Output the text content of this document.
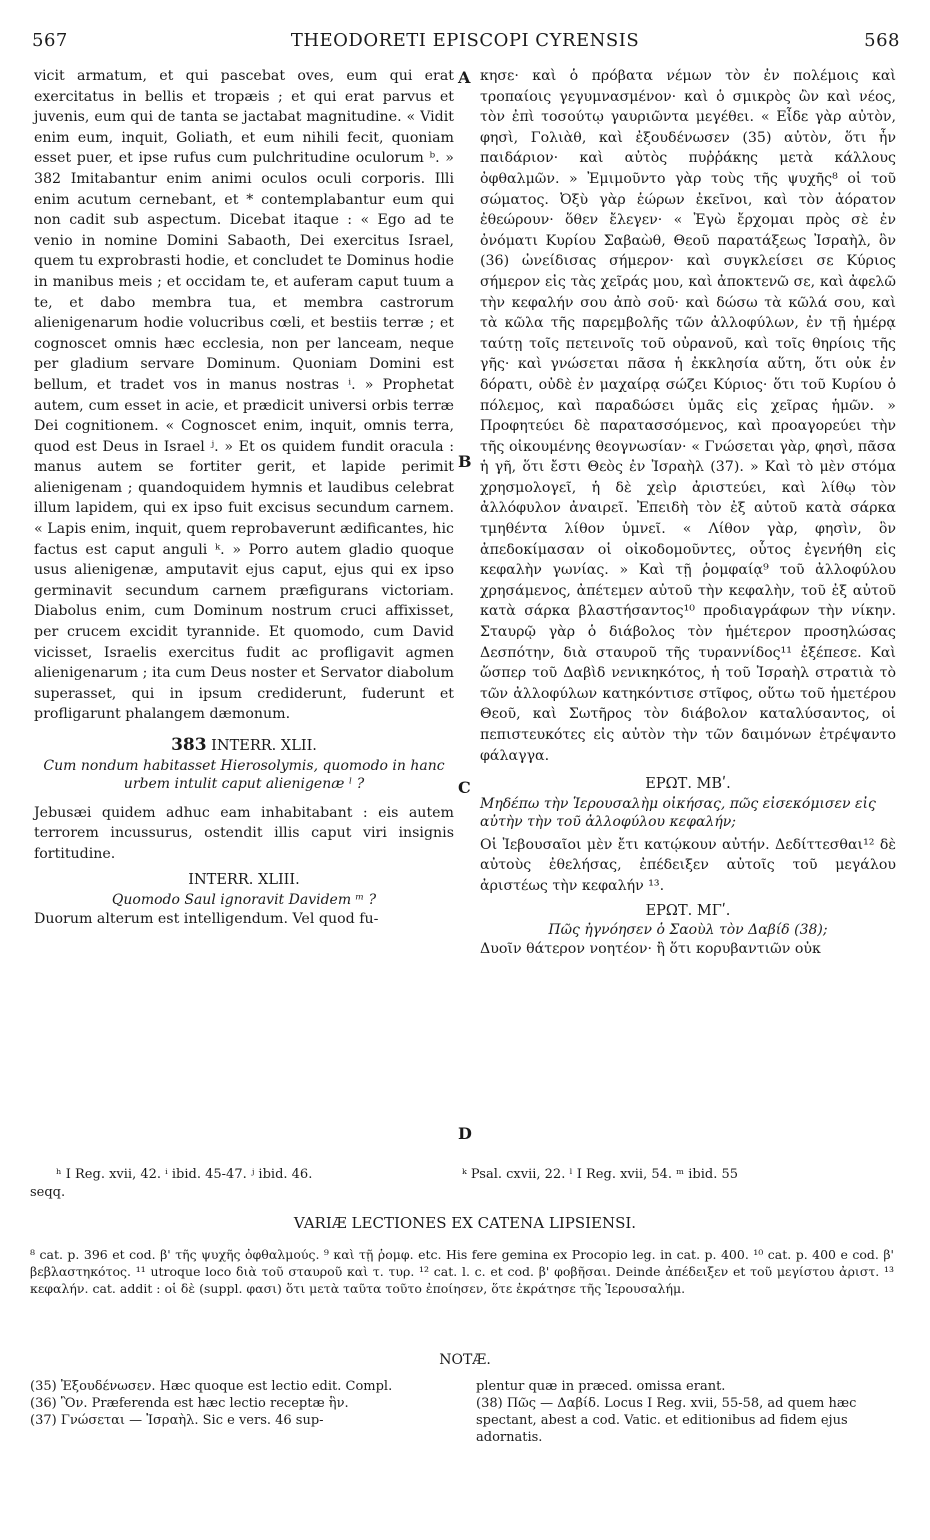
567	THEODORETI EPISCOPI CYRENSIS	568
A
B
C
D

vicit armatum, et qui pascebat oves, eum qui erat exercitatus in bellis et tropæis ; et qui erat parvus et juvenis, eum qui de tanta se jactabat magnitudine. « Vidit enim eum, inquit, Goliath, et eum nihili fecit, quoniam esset puer, et ipse rufus cum pulchritudine oculorum ᵇ. » 382 Imitabantur enim animi oculos oculi corporis. Illi enim acutum cernebant, et * contemplabantur eum qui non cadit sub aspectum. Dicebat itaque : « Ego ad te venio in nomine Domini Sabaoth, Dei exercitus Israel, quem tu exprobrasti hodie, et concludet te Dominus hodie in manibus meis ; et occidam te, et auferam caput tuum a te, et dabo membra tua, et membra castrorum alienigenarum hodie volucribus cœli, et bestiis terræ ; et cognoscet omnis hæc ecclesia, non per lanceam, neque per gladium servare Dominum. Quoniam Domini est bellum, et tradet vos in manus nostras ⁱ. » Prophetat autem, cum esset in acie, et prædicit universi orbis terræ Dei cognitionem. « Cognoscet enim, inquit, omnis terra, quod est Deus in Israel ʲ. » Et os quidem fundit oracula : manus autem se fortiter gerit, et lapide perimit alienigenam ; quandoquidem hymnis et laudibus celebrat illum lapidem, qui ex ipso fuit excisus secundum carnem. « Lapis enim, inquit, quem reprobaverunt ædificantes, hic factus est caput anguli ᵏ. » Porro autem gladio quoque usus alienigenæ, amputavit ejus caput, ejus qui ex ipso germinavit secundum carnem præfigurans victoriam. Diabolus enim, cum Dominum nostrum cruci affixisset, per crucem excidit tyrannide. Et quomodo, cum David vicisset, Israelis exercitus fudit ac profligavit agmen alienigenarum ; ita cum Deus noster et Servator diabolum superasset, qui in ipsum crediderunt, fuderunt et profligarunt phalangem dæmonum.

383 INTERR. XLII.
Cum nondum habitasset Hierosolymis, quomodo in hanc urbem intulit caput alienigenæ ˡ ?

Jebusæi quidem adhuc eam inhabitabant : eis autem terrorem incussurus, ostendit illis caput viri insignis fortitudine.

INTERR. XLIII.
Quomodo Saul ignoravit Davidem ᵐ ?

Duorum alterum est intelligendum. Vel quod fu-

κησε· καὶ ὁ πρόβατα νέμων τὸν ἐν πολέμοις καὶ τροπαίοις γεγυμνασμένον· καὶ ὁ σμικρὸς ὢν καὶ νέος, τὸν ἐπὶ τοσούτῳ γαυριῶντα μεγέθει. « Εἶδε γὰρ αὐτὸν, φησὶ, Γολιὰθ, καὶ ἐξουδένωσεν (35) αὐτὸν, ὅτι ἦν παιδάριον· καὶ αὐτὸς πυῤῥάκης μετὰ κάλλους ὀφθαλμῶν. » Ἐμιμοῦντο γὰρ τοὺς τῆς ψυχῆς⁸ οἱ τοῦ σώματος. Ὀξὺ γὰρ ἑώρων ἐκεῖνοι, καὶ τὸν ἀόρατον ἐθεώρουν· ὅθεν ἔλεγεν· « Ἐγὼ ἔρχομαι πρὸς σὲ ἐν ὀνόματι Κυρίου Σαβαὼθ, Θεοῦ παρατάξεως Ἰσραὴλ, ὃν (36) ὠνείδισας σήμερον· καὶ συγκλείσει σε Κύριος σήμερον εἰς τὰς χεῖράς μου, καὶ ἀποκτενῶ σε, καὶ ἀφελῶ τὴν κεφαλήν σου ἀπὸ σοῦ· καὶ δώσω τὰ κῶλά σου, καὶ τὰ κῶλα τῆς παρεμβολῆς τῶν ἀλλοφύλων, ἐν τῇ ἡμέρᾳ ταύτῃ τοῖς πετεινοῖς τοῦ οὐρανοῦ, καὶ τοῖς θηρίοις τῆς γῆς· καὶ γνώσεται πᾶσα ἡ ἐκκλησία αὕτη, ὅτι οὐκ ἐν δόρατι, οὐδὲ ἐν μαχαίρᾳ σώζει Κύριος· ὅτι τοῦ Κυρίου ὁ πόλεμος, καὶ παραδώσει ὑμᾶς εἰς χεῖρας ἡμῶν. » Προφητεύει δὲ παρατασσόμενος, καὶ προαγορεύει τὴν τῆς οἰκουμένης θεογνωσίαν· « Γνώσεται γὰρ, φησὶ, πᾶσα ἡ γῆ, ὅτι ἔστι Θεὸς ἐν Ἰσραὴλ (37). » Καὶ τὸ μὲν στόμα χρησμολογεῖ, ἡ δὲ χεὶρ ἀριστεύει, καὶ λίθῳ τὸν ἀλλόφυλον ἀναιρεῖ. Ἐπειδὴ τὸν ἐξ αὐτοῦ κατὰ σάρκα τμηθέντα λίθον ὑμνεῖ. « Λίθον γὰρ, φησὶν, ὃν ἀπεδοκίμασαν οἱ οἰκοδομοῦντες, οὗτος ἐγενήθη εἰς κεφαλὴν γωνίας. » Καὶ τῇ ῥομφαίᾳ⁹ τοῦ ἀλλοφύλου χρησάμενος, ἀπέτεμεν αὐτοῦ τὴν κεφαλὴν, τοῦ ἐξ αὐτοῦ κατὰ σάρκα βλαστήσαντος¹⁰ προδιαγράφων τὴν νίκην. Σταυρῷ γὰρ ὁ διάβολος τὸν ἡμέτερον προσηλώσας Δεσπότην, διὰ σταυροῦ τῆς τυραννίδος¹¹ ἐξέπεσε. Καὶ ὥσπερ τοῦ Δαβὶδ νενικηκότος, ἡ τοῦ Ἰσραὴλ στρατιὰ τὸ τῶν ἀλλοφύλων κατηκόντισε στῖφος, οὕτω τοῦ ἡμετέρου Θεοῦ, καὶ Σωτῆρος τὸν διάβολον καταλύσαντος, οἱ πεπιστευκότες εἰς αὐτὸν τὴν τῶν δαιμόνων ἐτρέψαντο φάλαγγα.

ΕΡΩΤ. ΜΒʹ.
Μηδέπω τὴν Ἱερουσαλὴμ οἰκήσας, πῶς εἰσεκόμισεν εἰς αὐτὴν τὴν τοῦ ἀλλοφύλου κεφαλήν;

Οἱ Ἰεβουσαῖοι μὲν ἔτι κατῴκουν αὐτήν. Δεδίττεσθαι¹² δὲ αὐτοὺς ἐθελήσας, ἐπέδειξεν αὐτοῖς τοῦ μεγάλου ἀριστέως τὴν κεφαλήν ¹³.

ΕΡΩΤ. ΜΓʹ.
Πῶς ἠγνόησεν ὁ Σαοὺλ τὸν Δαβίδ (38);

Δυοῖν θάτερον νοητέον· ἢ ὅτι κορυβαντιῶν οὐκ

ʰ I Reg. xvii, 42. ⁱ ibid. 45-47. ʲ ibid. 46.
seqq.
ᵏ Psal. cxvii, 22. ˡ I Reg. xvii, 54. ᵐ ibid. 55
VARIÆ LECTIONES EX CATENA LIPSIENSI.
⁸ cat. p. 396 et cod. β' τῆς ψυχῆς ὀφθαλμούς. ⁹ καὶ τῇ ῥομφ. etc. His fere gemina ex Procopio leg. in cat. p. 400. ¹⁰ cat. p. 400 e cod. β' βεβλαστηκότος. ¹¹ utroque loco διὰ τοῦ σταυροῦ καὶ τ. τυρ. ¹² cat. l. c. et cod. β' φοβῆσαι. Deinde ἀπέδειξεν et τοῦ μεγίστου ἀριστ. ¹³ κεφαλήν. cat. addit : οἱ δὲ (suppl. φασι) ὅτι μετὰ ταῦτα τοῦτο ἐποίησεν, ὅτε ἐκράτησε τῆς Ἱερουσαλήμ.
NOTÆ.
(35) Ἐξουδένωσεν. Hæc quoque est lectio edit. Compl.
(36) Ὃν. Præferenda est hæc lectio receptæ ἣν.
(37) Γνώσεται — Ἰσραὴλ. Sic e vers. 46 sup-
plentur quæ in præced. omissa erant.
(38) Πῶς — Δαβίδ. Locus I Reg. xvii, 55-58, ad quem hæc spectant, abest a cod. Vatic. et editionibus ad fidem ejus adornatis.
